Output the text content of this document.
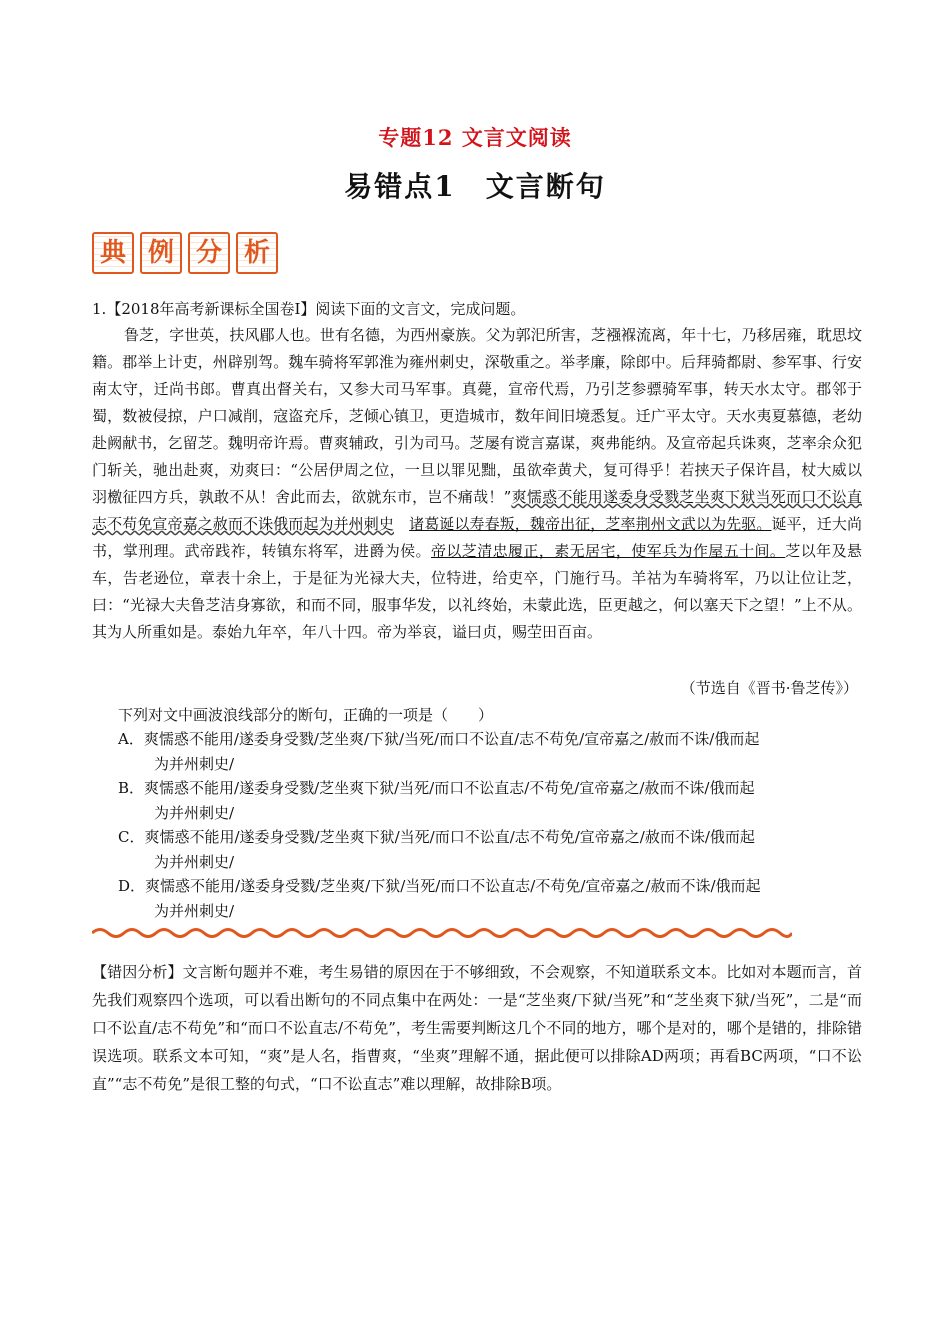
专题12 文言文阅读
易错点1　文言断句
典 例 分 析
1.【2018年高考新课标全国卷Ⅰ】阅读下面的文言文，完成问题。
鲁芝，字世英，扶风郿人也。世有名德，为西州豪族。父为郭汜所害，芝襁褓流离，年十七，乃移居雍，耽思坟籍。郡举上计吏，州辟别驾。魏车骑将军郭淮为雍州刺史，深敬重之。举孝廉，除郎中。后拜骑都尉、参军事、行安南太守，迁尚书郎。曹真出督关右，又参大司马军事。真薨，宣帝代焉，乃引芝参骠骑军事，转天水太守。郡邻于蜀，数被侵掠，户口减削，寇盗充斥，芝倾心镇卫，更造城市，数年间旧境悉复。迁广平太守。天水夷夏慕德，老幼赴阙献书，乞留芝。魏明帝许焉。曹爽辅政，引为司马。芝屡有谠言嘉谋，爽弗能纳。及宣帝起兵诛爽，芝率余众犯门斩关，驰出赴爽，劝爽曰：“公居伊周之位，一旦以罪见黜，虽欲牵黄犬，复可得乎！若挟天子保许昌，杖大威以羽檄征四方兵，孰敢不从！舍此而去，欲就东市，岂不痛哉！”爽懦惑不能用遂委身受戮芝坐爽下狱当死而口不讼直志不苟免宣帝嘉之赦而不诛俄而起为并州刺史　 诸葛诞以寿春叛，魏帝出征，芝率荆州文武以为先驱。诞平，迁大尚书，掌刑理。武帝践祚，转镇东将军，进爵为侯。帝以芝清忠履正，素无居宅，使军兵为作屋五十间。芝以年及悬车，告老逊位，章表十余上，于是征为光禄大夫，位特进，给吏卒，门施行马。羊祜为车骑将军，乃以让位让芝，曰：“光禄大夫鲁芝洁身寡欲，和而不同，服事华发，以礼终始，未蒙此选，臣更越之，何以塞天下之望！”上不从。其为人所重如是。泰始九年卒，年八十四。帝为举哀，谥曰贞，赐茔田百亩。
（节选自《晋书·鲁芝传》）
下列对文中画波浪线部分的断句，正确的一项是（　　）
A．爽懦惑不能用/遂委身受戮/芝坐爽/下狱/当死/而口不讼直/志不苟免/宣帝嘉之/赦而不诛/俄而起
为并州刺史/
B．爽懦惑不能用/遂委身受戮/芝坐爽下狱/当死/而口不讼直志/不苟免/宣帝嘉之/赦而不诛/俄而起
为并州刺史/
C．爽懦惑不能用/遂委身受戮/芝坐爽下狱/当死/而口不讼直/志不苟免/宣帝嘉之/赦而不诛/俄而起
为并州刺史/
D．爽懦惑不能用/遂委身受戮/芝坐爽/下狱/当死/而口不讼直志/不苟免/宣帝嘉之/赦而不诛/俄而起
为并州刺史/
【错因分析】文言断句题并不难，考生易错的原因在于不够细致，不会观察，不知道联系文本。比如对本题而言，首先我们观察四个选项，可以看出断句的不同点集中在两处：一是“芝坐爽/下狱/当死”和“芝坐爽下狱/当死”，二是“而口不讼直/志不苟免”和“而口不讼直志/不苟免”，考生需要判断这几个不同的地方，哪个是对的，哪个是错的，排除错误选项。联系文本可知，“爽”是人名，指曹爽，“坐爽”理解不通，据此便可以排除AD两项；再看BC两项，“口不讼直”“志不苟免”是很工整的句式，“口不讼直志”难以理解，故排除B项。
